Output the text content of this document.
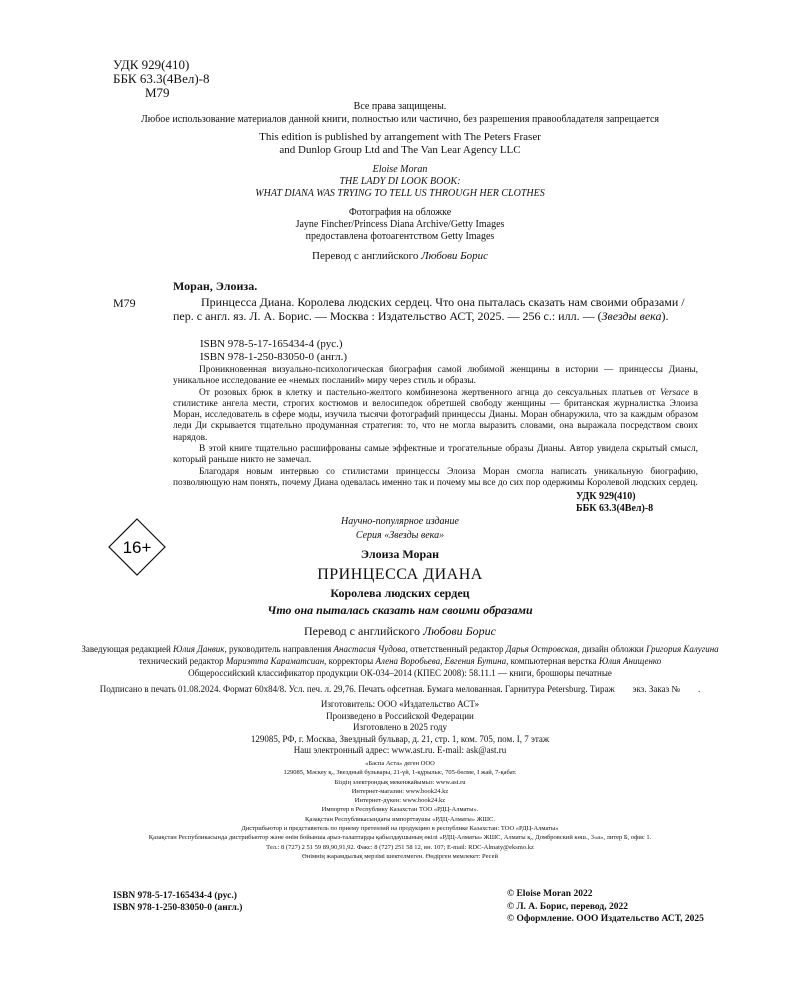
УДК 929(410)
ББК 63.3(4Вел)-8
М79
Все права защищены.
Любое использование материалов данной книги, полностью или частично, без разрешения правообладателя запрещается
This edition is published by arrangement with The Peters Fraser
and Dunlop Group Ltd and The Van Lear Agency LLC
Eloise Moran
THE LADY DI LOOK BOOK:
WHAT DIANA WAS TRYING TO TELL US THROUGH HER CLOTHES
Фотография на обложке
Jayne Fincher/Princess Diana Archive/Getty Images
предоставлена фотоагентством Getty Images
Перевод с английского Любови Борис
Моран, Элоиза.
М79	Принцесса Диана. Королева людских сердец. Что она пыталась сказать нам своими образами / пер. с англ. яз. Л. А. Борис. — Москва : Издательство АСТ, 2025. — 256 с.: илл. — (Звезды века).
ISBN 978-5-17-165434-4 (рус.)
ISBN 978-1-250-83050-0 (англ.)

Проникновенная визуально-психологическая биография самой любимой женщины в истории — принцессы Дианы, уникальное исследование ее «немых посланий» миру через стиль и образы.

От розовых брюк в клетку и пастельно-желтого комбинезона жертвенного агнца до сексуальных платьев от Versace в стилистике ангела мести, строгих костюмов и велосипедок обретшей свободу женщины — британская журналистка Элоиза Моран, исследователь в сфере моды, изучила тысячи фотографий принцессы Дианы. Моран обнаружила, что за каждым образом леди Ди скрывается тщательно продуманная стратегия: то, что не могла выразить словами, она выражала посредством своих нарядов.

В этой книге тщательно расшифрованы самые эффектные и трогательные образы Дианы. Автор увидела скрытый смысл, который раньше никто не замечал.

Благодаря новым интервью со стилистами принцессы Элоиза Моран смогла написать уникальную биографию, позволяющую нам понять, почему Диана одевалась именно так и почему мы все до сих пор одержимы Королевой людских сердец.

УДК 929(410)
ББК 63.3(4Вел)-8
16+
Научно-популярное издание
Серия «Звезды века»
Элоиза Моран
ПРИНЦЕССА ДИАНА
Королева людских сердец
Что она пыталась сказать нам своими образами
Перевод с английского Любови Борис
Заведующая редакцией Юлия Данвик, руководитель направления Анастасия Чудова, ответственный редактор Дарья Островская, дизайн обложки Григория Калугина
технический редактор Мариэтта Караматсиан, корректоры Алена Воробьева, Евгения Бутина, компьютерная верстка Юлия Анищенко
Общероссийский классификатор продукции ОК-034–2014 (КПЕС 2008): 58.11.1 — книги, брошюры печатные
Подписано в печать 01.08.2024. Формат 60х84/8. Усл. печ. л. 29,76. Печать офсетная. Бумага мелованная. Гарнитура Petersburg. Тираж        экз. Заказ №        .
Изготовитель: ООО «Издательство АСТ»
Произведено в Российской Федерации
Изготовлено в 2025 году
129085, РФ, г. Москва, Звездный бульвар, д. 21, стр. 1, ком. 705, пом. I, 7 этаж
Наш электронный адрес: www.ast.ru. E-mail: ask@ast.ru
«Баспа Аста» деген ООО
129085, Мәскеу қ., Звездный бульвары, 21-үй, 1-құрылыс, 705-бөлме, I жай, 7-қабат.
Біздің электрондық мекенжайымыз: www.ast.ru
Интернет-магазин: www.book24.kz
Интернет-дүкен: www.book24.kz
Импортер в Республику Казахстан ТОО «РДЦ-Алматы».
Қазақстан Республикасындағы импорттаушы «РДЦ-Алматы» ЖШС.
Дистрибьютор и представитель по приему претензий на продукцию в республике Казахстан: ТОО «РДЦ-Алматы»
Қазақстан Республикасында дистрибьютор және өнім бойынша арыз-талаптарды қабылдаушының өкілі «РДЦ-Алматы» ЖШС, Алматы қ., Домбровский көш., 3«а», литер Б, офис 1.
Тел.: 8 (727) 2 51 59 89,90,91,92. Факс: 8 (727) 251 58 12, вн. 107; E-mail: RDC-Almaty@eksmo.kz
Өнімнің жарамдылық мерзімі шектелмеген. Өндірген мемлекет: Ресей
ISBN 978-5-17-165434-4 (рус.)
ISBN 978-1-250-83050-0 (англ.)
© Eloise Moran 2022
© Л. А. Борис, перевод, 2022
© Оформление. ООО Издательство АСТ, 2025
